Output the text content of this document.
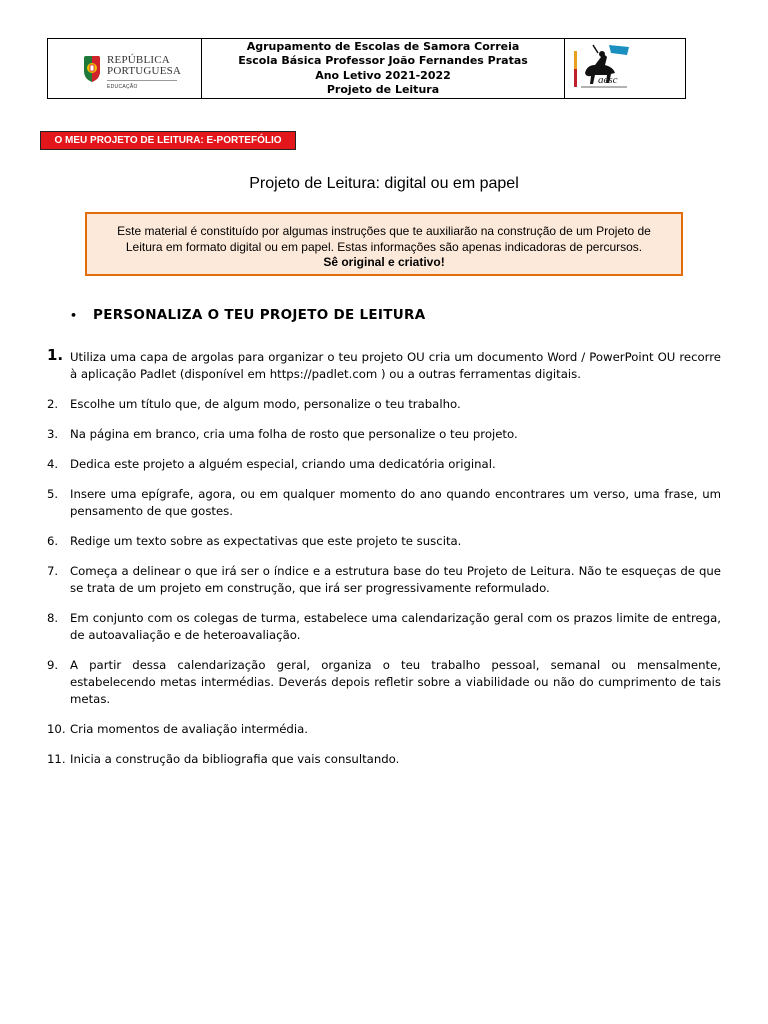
REPÚBLICA
PORTUGUESA
EDUCAÇÃO
Agrupamento de Escolas de Samora Correia
Escola Básica Professor João Fernandes Pratas
Ano Letivo 2021-2022
Projeto de Leitura
aesc
O MEU PROJETO DE LEITURA: E-PORTEFÓLIO
Projeto de Leitura: digital ou em papel
Este material é constituído por algumas instruções que te auxiliarão na construção de um Projeto de Leitura em formato digital ou em papel. Estas informações são apenas indicadoras de percursos.
Sê original e criativo!
• PERSONALIZA O TEU PROJETO DE LEITURA
1. Utiliza uma capa de argolas para organizar o teu projeto OU cria um documento Word / PowerPoint OU recorre à aplicação Padlet (disponível em https://padlet.com ) ou a outras ferramentas digitais.
2. Escolhe um título que, de algum modo, personalize o teu trabalho.
3. Na página em branco, cria uma folha de rosto que personalize o teu projeto.
4. Dedica este projeto a alguém especial, criando uma dedicatória original.
5. Insere uma epígrafe, agora, ou em qualquer momento do ano quando encontrares um verso, uma frase, um pensamento de que gostes.
6. Redige um texto sobre as expectativas que este projeto te suscita.
7. Começa a delinear o que irá ser o índice e a estrutura base do teu Projeto de Leitura. Não te esqueças de que se trata de um projeto em construção, que irá ser progressivamente reformulado.
8. Em conjunto com os colegas de turma, estabelece uma calendarização geral com os prazos limite de entrega, de autoavaliação e de heteroavaliação.
9. A partir dessa calendarização geral, organiza o teu trabalho pessoal, semanal ou mensalmente, estabelecendo metas intermédias. Deverás depois refletir sobre a viabilidade ou não do cumprimento de tais metas.
10. Cria momentos de avaliação intermédia.
11. Inicia a construção da bibliografia que vais consultando.
